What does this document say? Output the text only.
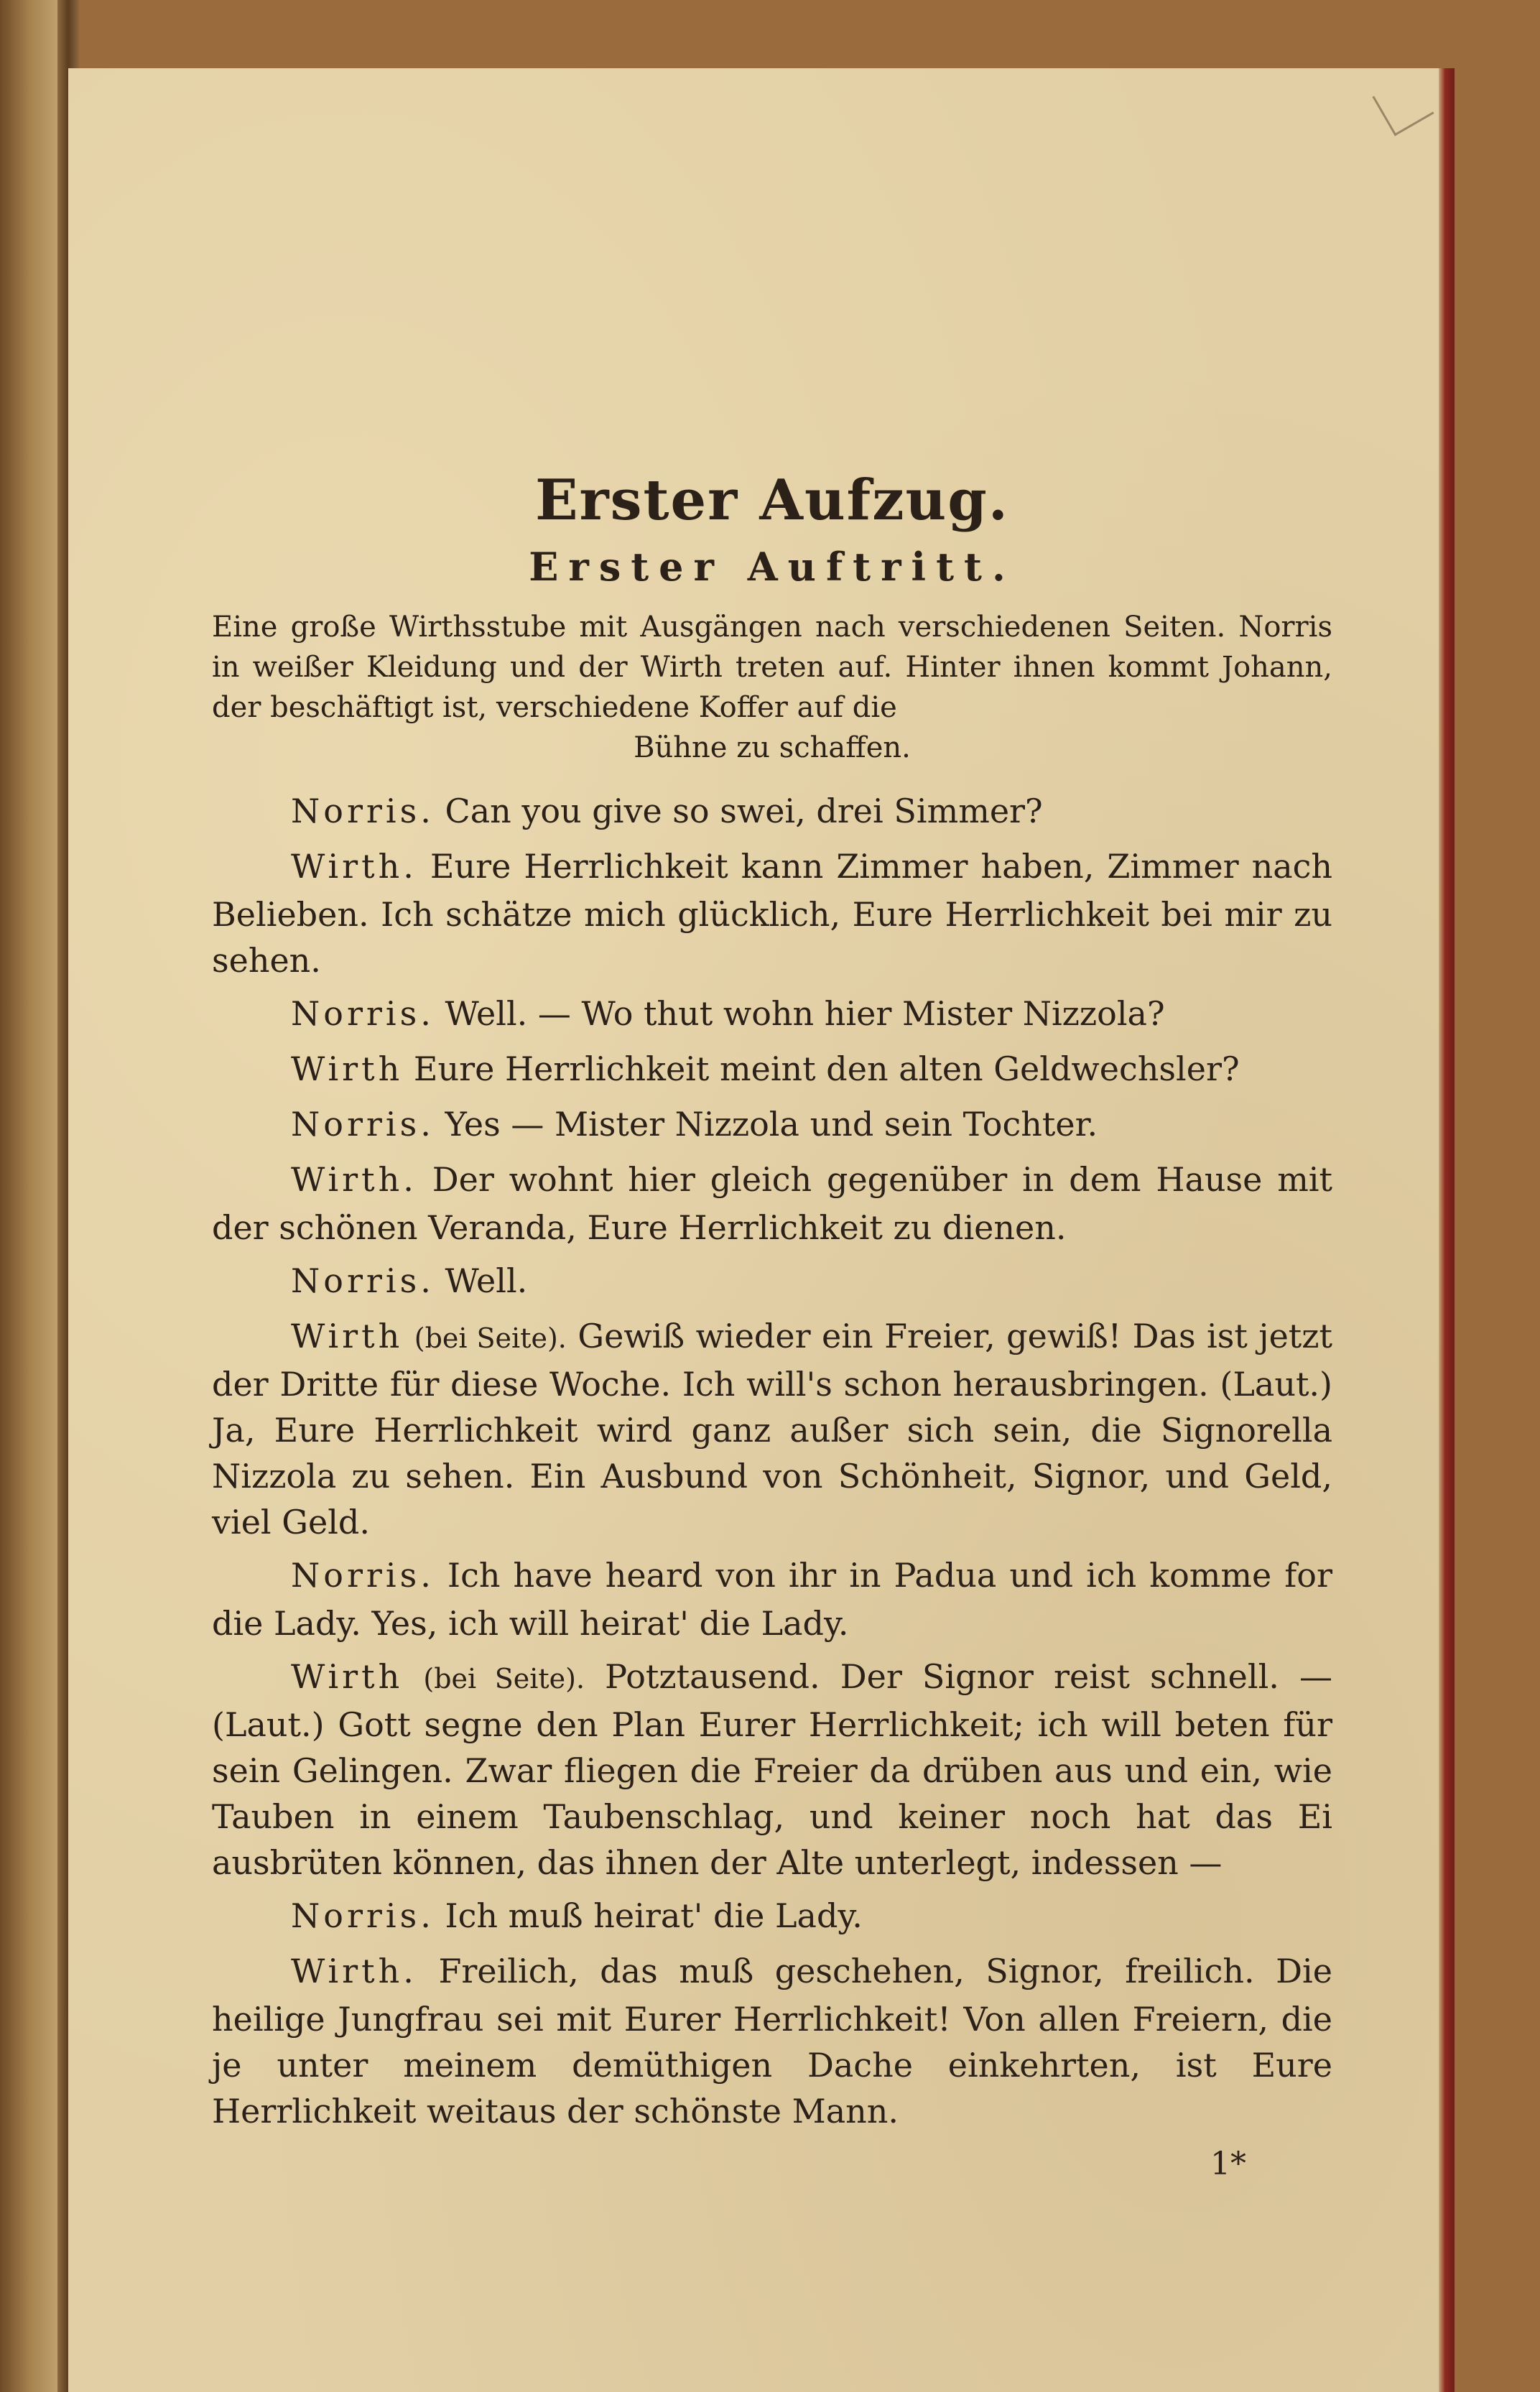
Erster Aufzug.
Erster Auftritt.
Eine große Wirthsstube mit Ausgängen nach verschiedenen Seiten. Norris in weißer Kleidung und der Wirth treten auf. Hinter ihnen kommt Johann, der beschäftigt ist, verschiedene Koffer auf die
Bühne zu schaffen.

Norris. Can you give so swei, drei Simmer?

Wirth. Eure Herrlichkeit kann Zimmer haben, Zimmer nach Belieben. Ich schätze mich glücklich, Eure Herrlichkeit bei mir zu sehen.

Norris. Well. — Wo thut wohn hier Mister Nizzola?

Wirth Eure Herrlichkeit meint den alten Geldwechsler?

Norris. Yes — Mister Nizzola und sein Tochter.

Wirth. Der wohnt hier gleich gegenüber in dem Hause mit der schönen Veranda, Eure Herrlichkeit zu dienen.

Norris. Well.

Wirth (bei Seite). Gewiß wieder ein Freier, gewiß! Das ist jetzt der Dritte für diese Woche. Ich will's schon herausbringen. (Laut.) Ja, Eure Herrlichkeit wird ganz außer sich sein, die Signorella Nizzola zu sehen. Ein Ausbund von Schönheit, Signor, und Geld, viel Geld.

Norris. Ich have heard von ihr in Padua und ich komme for die Lady. Yes, ich will heirat' die Lady.

Wirth (bei Seite). Potztausend. Der Signor reist schnell. — (Laut.) Gott segne den Plan Eurer Herrlichkeit; ich will beten für sein Gelingen. Zwar fliegen die Freier da drüben aus und ein, wie Tauben in einem Taubenschlag, und keiner noch hat das Ei ausbrüten können, das ihnen der Alte unterlegt, indessen —

Norris. Ich muß heirat' die Lady.

Wirth. Freilich, das muß geschehen, Signor, freilich. Die heilige Jungfrau sei mit Eurer Herrlichkeit! Von allen Freiern, die je unter meinem demüthigen Dache einkehrten, ist Eure Herrlichkeit weitaus der schönste Mann.

1*
